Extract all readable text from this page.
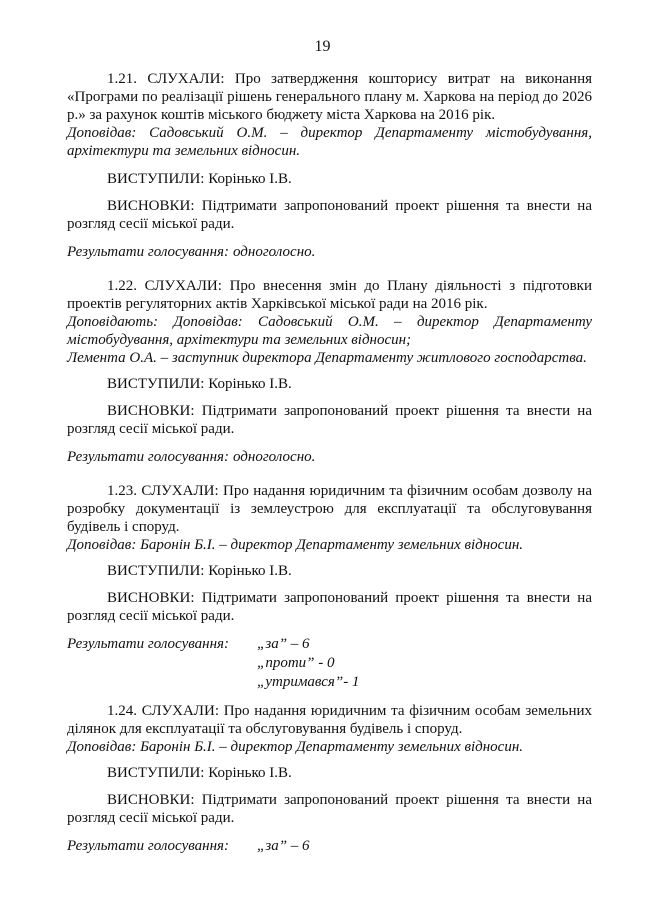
19
1.21. СЛУХАЛИ: Про затвердження кошторису витрат на виконання «Програми по реалізації рішень генерального плану м. Харкова на період до 2026 р.» за рахунок коштів міського бюджету міста Харкова на 2016 рік.
Доповідав: Садовський О.М. – директор Департаменту містобудування, архітектури та земельних відносин.
ВИСТУПИЛИ: Корінько І.В.
ВИСНОВКИ: Підтримати запропонований проект рішення та внести на розгляд сесії міської ради.
Результати голосування: одноголосно.
1.22. СЛУХАЛИ: Про внесення змін до Плану діяльності з підготовки проектів регуляторних актів Харківської міської ради на 2016 рік.
Доповідають: Доповідав: Садовський О.М. – директор Департаменту містобудування, архітектури та земельних відносин;
Лемента О.А. – заступник директора Департаменту житлового господарства.
ВИСТУПИЛИ: Корінько І.В.
ВИСНОВКИ: Підтримати запропонований проект рішення та внести на розгляд сесії міської ради.
Результати голосування: одноголосно.
1.23. СЛУХАЛИ: Про надання юридичним та фізичним особам дозволу на розробку документації із землеустрою для експлуатації та обслуговування будівель і споруд.
Доповідав: Баронін Б.І. – директор Департаменту земельних відносин.
ВИСТУПИЛИ: Корінько І.В.
ВИСНОВКИ: Підтримати запропонований проект рішення та внести на розгляд сесії міської ради.
Результати голосування: „за” – 6
„проти” - 0
„утримався”- 1
1.24. СЛУХАЛИ: Про надання юридичним та фізичним особам земельних ділянок для експлуатації та обслуговування будівель і споруд.
Доповідав: Баронін Б.І. – директор Департаменту земельних відносин.
ВИСТУПИЛИ: Корінько І.В.
ВИСНОВКИ: Підтримати запропонований проект рішення та внести на розгляд сесії міської ради.
Результати голосування: „за” – 6
